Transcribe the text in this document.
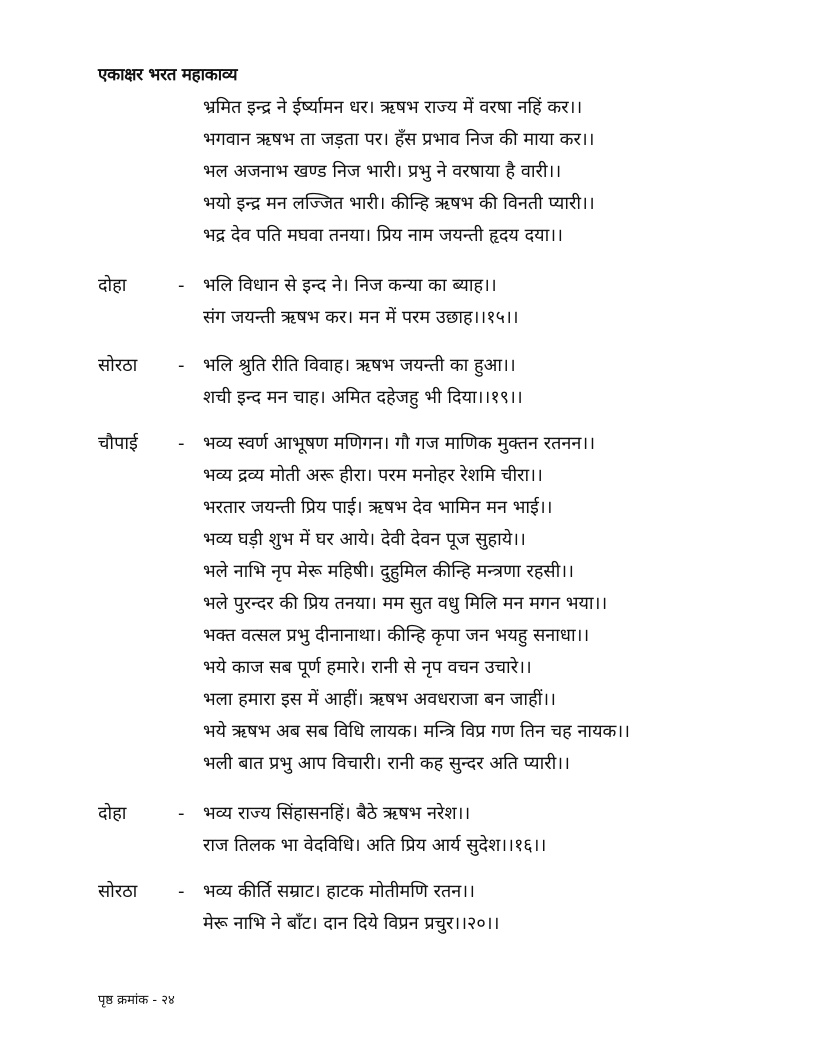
एकाक्षर भरत महाकाव्य
भ्रमित इन्द्र ने ईर्ष्यामन धर। ऋषभ राज्य में वरषा नहिं कर।।
भगवान ऋषभ ता जड़ता पर। हँस प्रभाव निज की माया कर।।
भल अजनाभ खण्ड निज भारी। प्रभु ने वरषाया है वारी।।
भयो इन्द्र मन लज्जित भारी। कीन्हि ऋषभ की विनती प्यारी।।
भद्र देव पति मघवा तनया। प्रिय नाम जयन्ती हृदय दया।।
दोहा	- भलि विधान से इन्द ने। निज कन्या का ब्याह।।
संग जयन्ती ऋषभ कर। मन में परम उछाह।।१५।।
सोरठा - भलि श्रुति रीति विवाह। ऋषभ जयन्ती का हुआ।।
शची इन्द मन चाह। अमित दहेजहु भी दिया।।१९।।
चौपाई - भव्य स्वर्ण आभूषण मणिगन। गौ गज माणिक मुक्तन रतनन।।
भव्य द्रव्य मोती अरू हीरा। परम मनोहर रेशमि चीरा।।
भरतार जयन्ती प्रिय पाई। ऋषभ देव भामिन मन भाई।।
भव्य घड़ी शुभ में घर आये। देवी देवन पूज सुहाये।।
भले नाभि नृप मेरू महिषी। दुहुमिल कीन्हि मन्त्रणा रहसी।।
भले पुरन्दर की प्रिय तनया। मम सुत वधु मिलि मन मगन भया।।
भक्त वत्सल प्रभु दीनानाथा। कीन्हि कृपा जन भयहु सनाधा।।
भये काज सब पूर्ण हमारे। रानी से नृप वचन उचारे।।
भला हमारा इस में आहीं। ऋषभ अवधराजा बन जाहीं।।
भये ऋषभ अब सब विधि लायक। मन्त्रि विप्र गण तिन चह नायक।।
भली बात प्रभु आप विचारी। रानी कह सुन्दर अति प्यारी।।
दोहा	- भव्य राज्य सिंहासनहिं। बैठे ऋषभ नरेश।।
राज तिलक भा वेदविधि। अति प्रिय आर्य सुदेश।।१६।।
सोरठा - भव्य कीर्ति सम्राट। हाटक मोतीमणि रतन।।
मेरू नाभि ने बाँट। दान दिये विप्रन प्रचुर।।२०।।
पृष्ठ क्रमांक - २४
